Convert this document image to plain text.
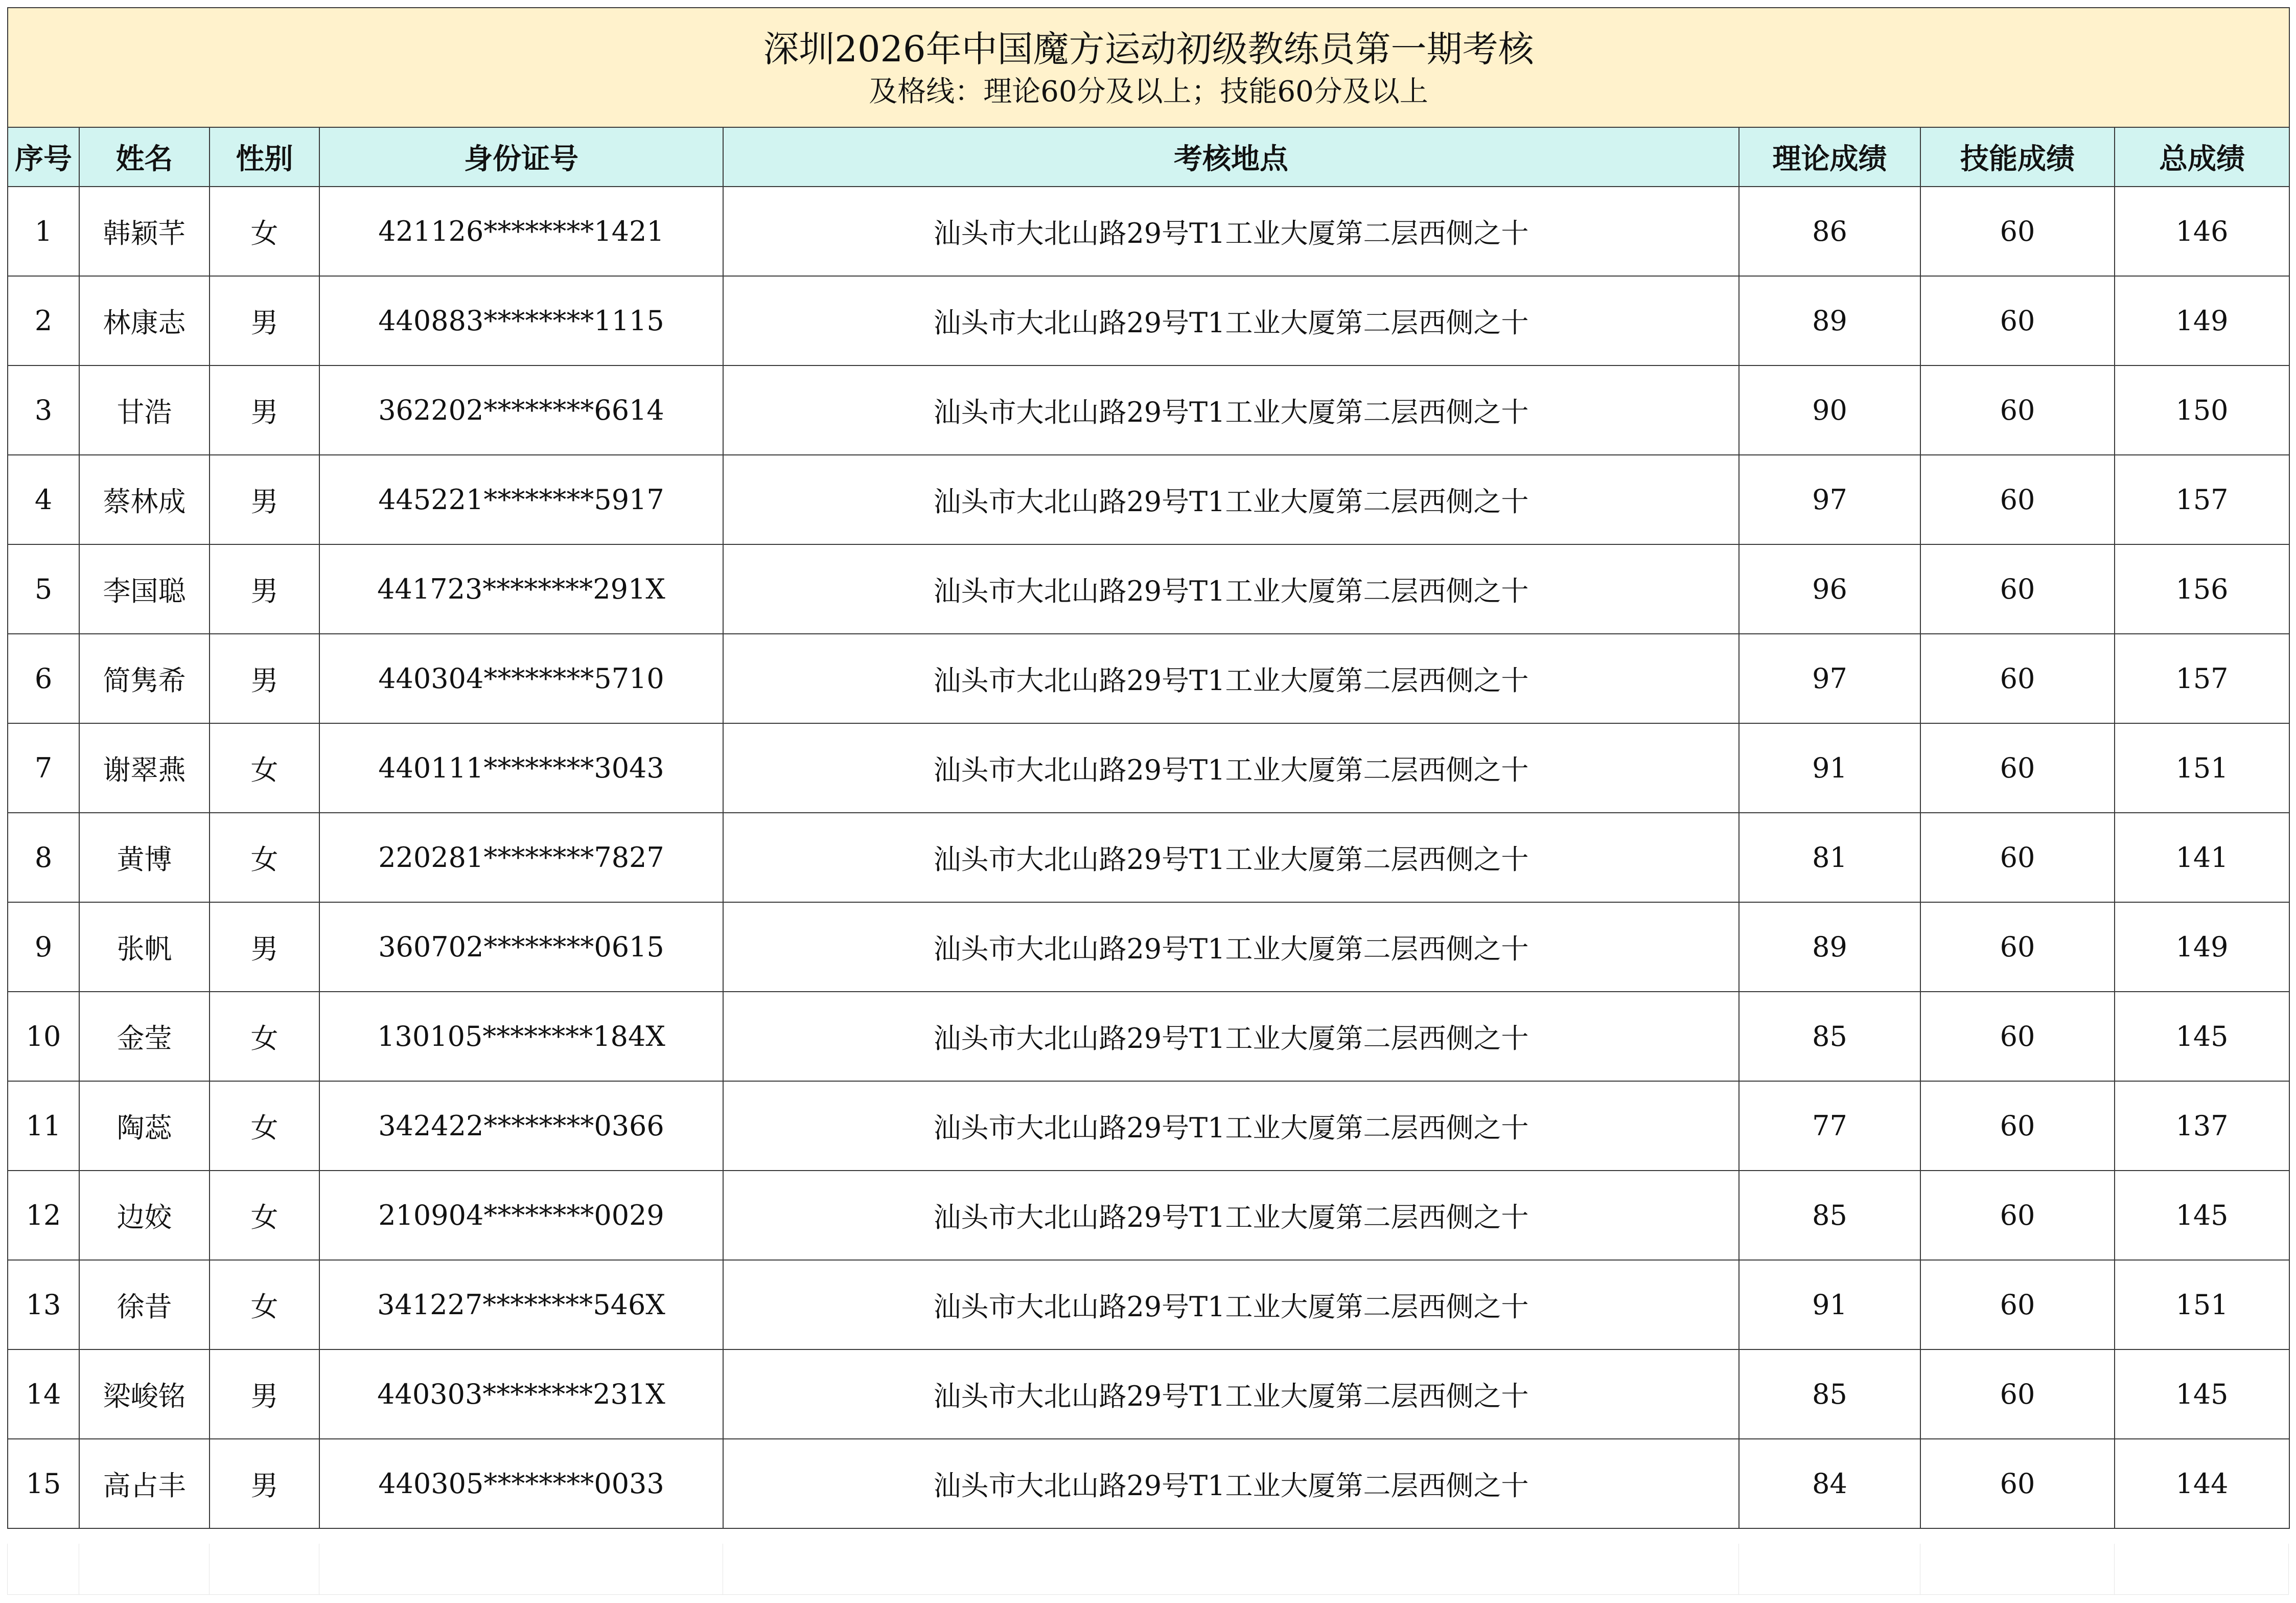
深圳2026年中国魔方运动初级教练员第一期考核
及格线：理论60分及以上；技能60分及以上							

序号	姓名	性别	身份证号	考核地点	理论成绩	技能成绩	总成绩
1	韩颖芊	女	421126********1421	汕头市大北山路29号T1工业大厦第二层西侧之十	86	60	146
2	林康志	男	440883********1115	汕头市大北山路29号T1工业大厦第二层西侧之十	89	60	149
3	甘浩	男	362202********6614	汕头市大北山路29号T1工业大厦第二层西侧之十	90	60	150
4	蔡林成	男	445221********5917	汕头市大北山路29号T1工业大厦第二层西侧之十	97	60	157
5	李国聪	男	441723********291X	汕头市大北山路29号T1工业大厦第二层西侧之十	96	60	156
6	简隽希	男	440304********5710	汕头市大北山路29号T1工业大厦第二层西侧之十	97	60	157
7	谢翠燕	女	440111********3043	汕头市大北山路29号T1工业大厦第二层西侧之十	91	60	151
8	黄博	女	220281********7827	汕头市大北山路29号T1工业大厦第二层西侧之十	81	60	141
9	张帆	男	360702********0615	汕头市大北山路29号T1工业大厦第二层西侧之十	89	60	149
10	金莹	女	130105********184X	汕头市大北山路29号T1工业大厦第二层西侧之十	85	60	145
11	陶蕊	女	342422********0366	汕头市大北山路29号T1工业大厦第二层西侧之十	77	60	137
12	边姣	女	210904********0029	汕头市大北山路29号T1工业大厦第二层西侧之十	85	60	145
13	徐昔	女	341227********546X	汕头市大北山路29号T1工业大厦第二层西侧之十	91	60	151
14	梁峻铭	男	440303********231X	汕头市大北山路29号T1工业大厦第二层西侧之十	85	60	145
15	高占丰	男	440305********0033	汕头市大北山路29号T1工业大厦第二层西侧之十	84	60	144
